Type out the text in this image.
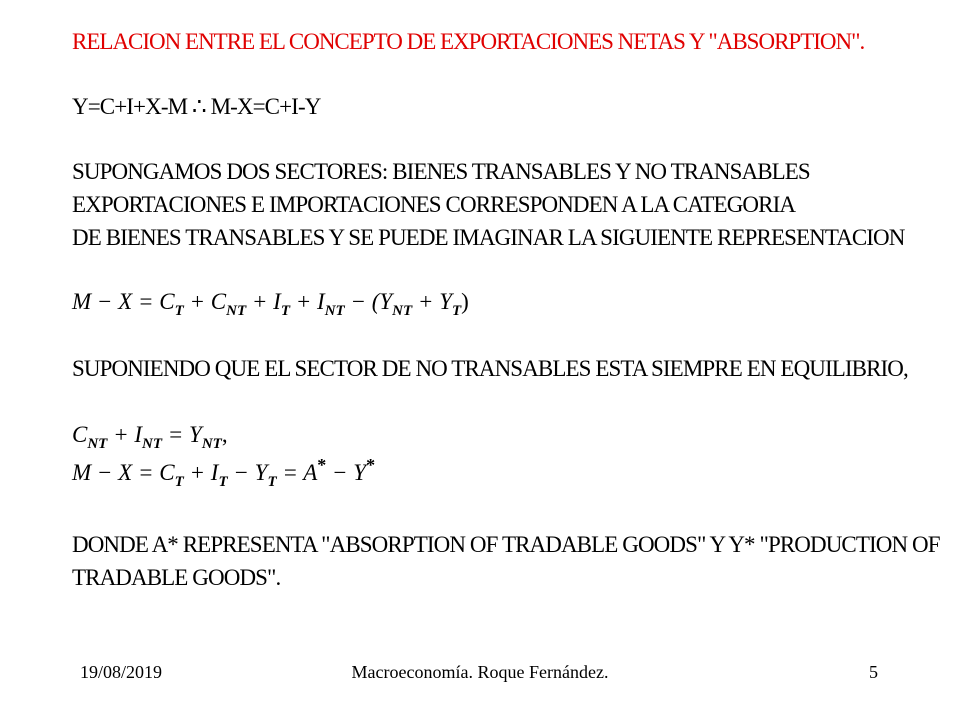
RELACION ENTRE EL CONCEPTO DE EXPORTACIONES NETAS Y "ABSORPTION".
Y=C+I+X-M ∴ M-X=C+I-Y
SUPONGAMOS DOS SECTORES: BIENES TRANSABLES Y NO TRANSABLES
EXPORTACIONES E IMPORTACIONES CORRESPONDEN A LA CATEGORIA
DE BIENES TRANSABLES Y SE PUEDE IMAGINAR LA SIGUIENTE REPRESENTACION
$M - X = C_T + C_{NT} + I_T + I_{NT} - (Y_{NT} + Y_T)$
SUPONIENDO QUE EL SECTOR DE NO TRANSABLES ESTA SIEMPRE EN EQUILIBRIO,
$C_{NT} + I_{NT} = Y_{NT}$,
$M - X = C_T + I_T - Y_T = A^* - Y^*$
DONDE A* REPRESENTA "ABSORPTION OF TRADABLE GOODS" Y Y* "PRODUCTION OF
TRADABLE GOODS".
19/08/2019	Macroeconomía. Roque Fernández.	5
